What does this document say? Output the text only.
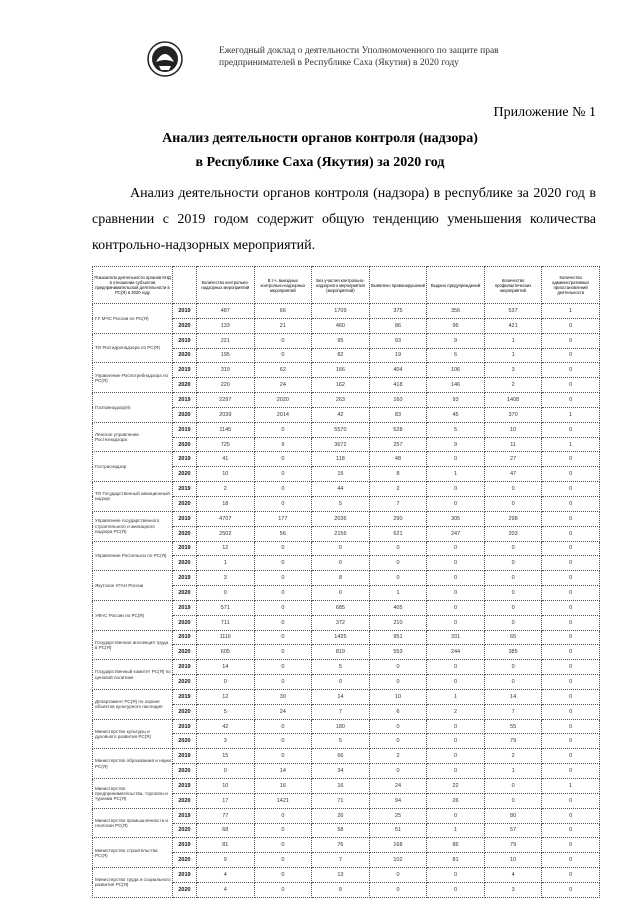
Ежегодный доклад о деятельности Уполномоченного по защите прав
предпринимателей в Республике Саха (Якутия) в 2020 году
Приложение № 1
Анализ деятельности органов контроля (надзора)
в Республике Саха (Якутия) за 2020 год
Анализ деятельности органов контроля (надзора) в республике за 2020 год в сравнении с 2019 годом содержит общую тенденцию уменьшения количества контрольно-надзорных мероприятий.
Показатели деятельности органов КНД в отношении субъектов предпринимательской деятельности в РС(Я) в 2020 году		Количество контрольно-надзорных мероприятий	В т.ч. выездных контрольно-надзорных мероприятий	Без участия контрольно-надзорного мероприятия (мероприятий)	Выявлено правонарушений	Выдано предупреждений	Количество профилактических мероприятий	Количество административных приостановлений деятельности
ГУ МЧС России по РС(Я)	2019	487	66	1709	375	356	537	1
	2020	133	21	460	86	96	421	0
ТО Росгидронадзора по РС(Я)	2019	221	0	95	93	9	1	0
	2020	195	0	82	19	6	1	0
Управление Роспотребнадзора по РС(Я)	2019	319	62	166	404	106	3	0
	2020	220	24	162	418	146	2	0
Госпожнадзор(я)	2019	2297	2020	263	160	93	1408	0
	2020	2039	2014	42	83	45	370	1
Ленское управление Ростехнадзора	2019	1145	0	5570	528	5	10	0
	2020	725	9	3672	257	9	11	1
Гостраснадзор	2019	41	0	118	48	0	27	0
	2020	10	0	15	8	1	47	0
ТО Государственный авиационный надзор	2019	2	0	44	2	0	0	0
	2020	18	0	5	7	0	0	0
Управление государственного строительного и жилищного надзора РС(Я)	2019	4707	177	2036	290	305	298	0
	2020	2502	56	2156	621	247	203	0
Управление Россельхоз по РС(Я)	2019	12	0	0	0	0	0	0
	2020	1	0	0	0	0	0	0
Якутское УГАН России	2019	3	0	8	0	0	0	0
	2020	0	0	0	1	0	0	0
УФАС России по РС(Я)	2019	571	0	685	405	0	0	0
	2020	711	0	372	210	0	0	0
Государственная инспекция труда в РС(Я)	2019	1116	0	1425	951	331	65	0
	2020	605	0	819	553	244	385	0
Государственный комитет РС(Я) по ценовой политике	2019	14	0	5	0	0	0	0
	2020	0	0	0	0	0	0	0
Департамент РС(Я) по охране объектов культурного наследия	2019	12	30	14	10	1	14	0
	2020	5	24	7	6	2	7	0
Министерство культуры и духовного развития РС(Я)	2019	42	0	180	0	0	55	0
	2020	3	0	5	0	0	79	0
Министерство образования и науки РС(Я)	2019	15	0	66	2	0	2	0
	2020	0	14	34	0	0	1	0
Министерство предпринимательства, торговли и туризма РС(Я)	2019	10	16	16	24	22	0	1
	2020	17	1421	71	94	26	0	0
Министерство промышленности и геологии РС(Я)	2019	77	0	26	25	0	80	0
	2020	68	0	58	51	1	57	0
Министерство строительства РС(Я)	2019	81	0	76	168	86	79	0
	2020	9	0	7	102	81	10	0
Министерство труда и социального развития РС(Я)	2019	4	0	13	0	0	4	0
	2020	4	0	9	0	0	3	0
